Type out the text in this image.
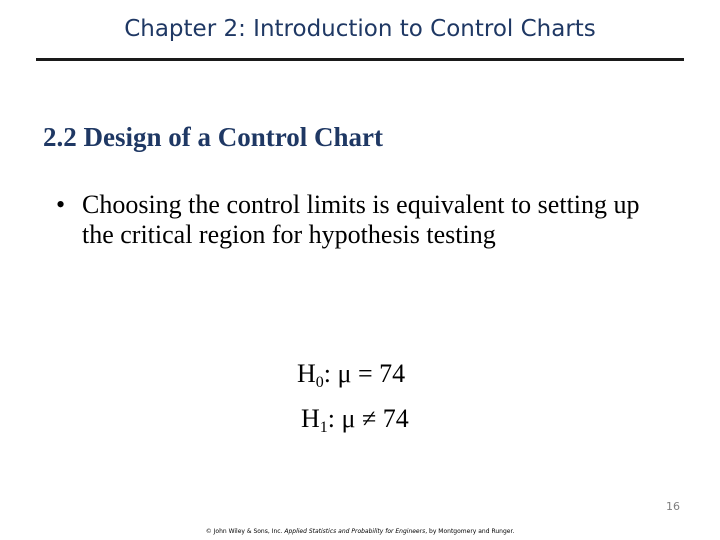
Chapter 2: Introduction to Control Charts
2.2 Design of a Control Chart
• Choosing the control limits is equivalent to setting up the critical region for hypothesis testing
$H_0$: μ = 74
$H_1$: μ ≠ 74
16
© John Wiley & Sons, Inc. Applied Statistics and Probability for Engineers, by Montgomery and Runger.
